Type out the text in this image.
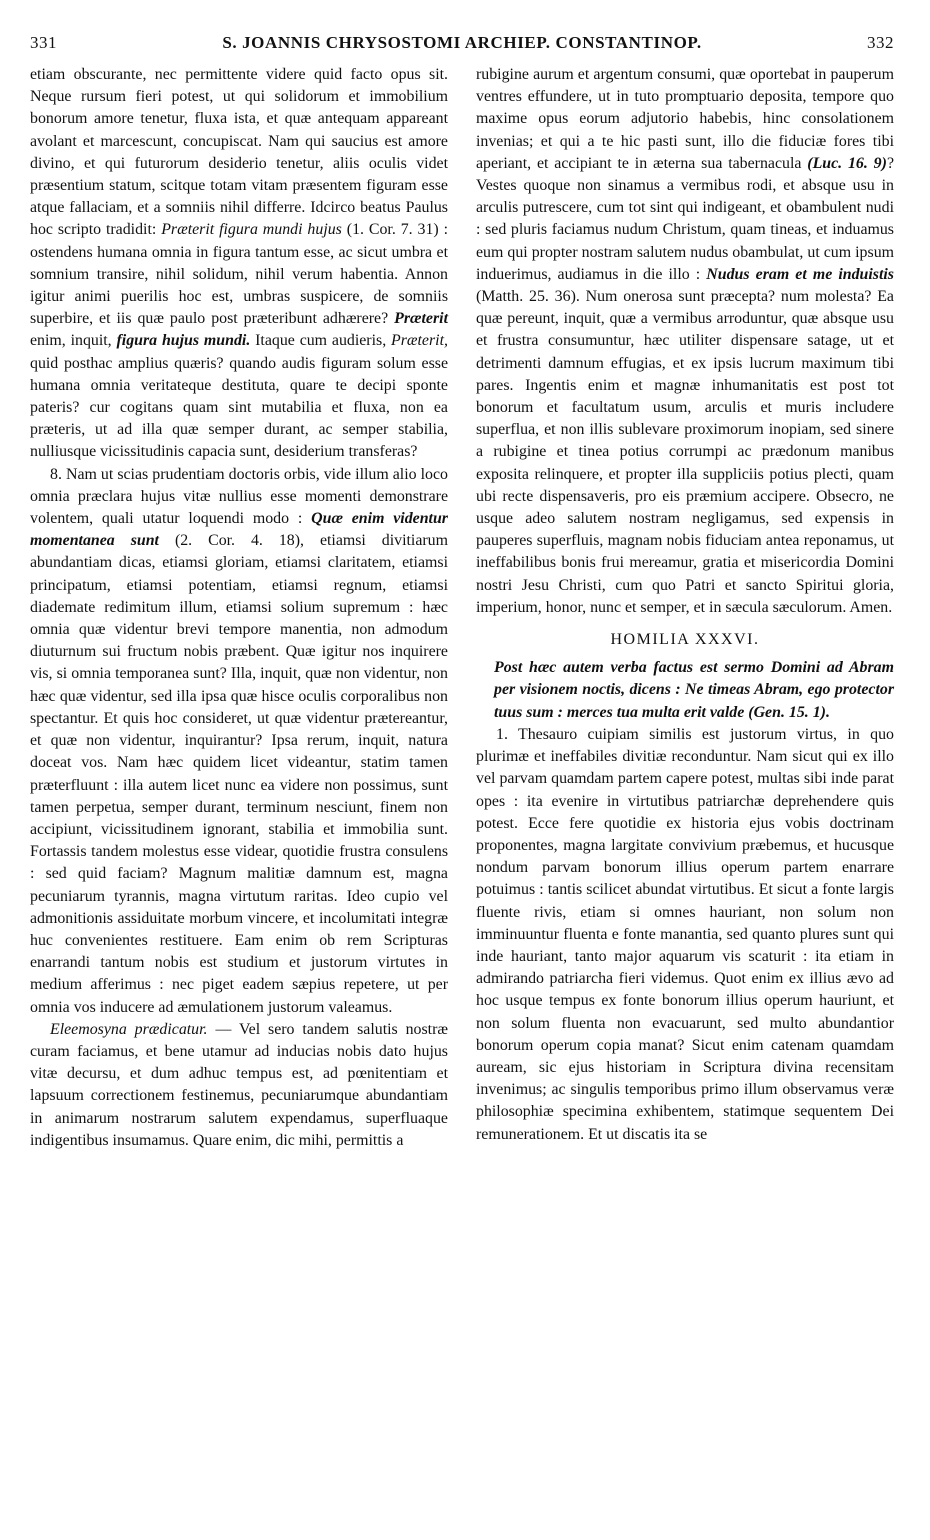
331	S. JOANNIS CHRYSOSTOMI ARCHIEP. CONSTANTINOP.	332

etiam obscurante, nec permittente videre quid facto opus sit. Neque rursum fieri potest, ut qui solidorum et immobilium bonorum amore tenetur, fluxa ista, et quæ antequam appareant avolant et marcescunt, concupiscat. Nam qui saucius est amore divino, et qui futurorum desiderio tenetur, aliis oculis videt præsentium statum, scitque totam vitam præsentem figuram esse atque fallaciam, et a somniis nihil differre. Idcirco beatus Paulus hoc scripto tradidit: Præterit figura mundi hujus (1. Cor. 7. 31) : ostendens humana omnia in figura tantum esse, ac sicut umbra et somnium transire, nihil solidum, nihil verum habentia. Annon igitur animi puerilis hoc est, umbras suspicere, de somniis superbire, et iis quæ paulo post præteribunt adhærere? Præterit enim, inquit, figura hujus mundi. Itaque cum audieris, Præterit, quid posthac amplius quæris? quando audis figuram solum esse humana omnia veritateque destituta, quare te decipi sponte pateris? cur cogitans quam sint mutabilia et fluxa, non ea præteris, ut ad illa quæ semper durant, ac semper stabilia, nulliusque vicissitudinis capacia sunt, desiderium transferas?

8. Nam ut scias prudentiam doctoris orbis, vide illum alio loco omnia præclara hujus vitæ nullius esse momenti demonstrare volentem, quali utatur loquendi modo : Quæ enim videntur momentanea sunt (2. Cor. 4. 18), etiamsi divitiarum abundantiam dicas, etiamsi gloriam, etiamsi claritatem, etiamsi principatum, etiamsi potentiam, etiamsi regnum, etiamsi diademate redimitum illum, etiamsi solium supremum : hæc omnia quæ videntur brevi tempore manentia, non admodum diuturnum sui fructum nobis præbent. Quæ igitur nos inquirere vis, si omnia temporanea sunt? Illa, inquit, quæ non videntur, non hæc quæ videntur, sed illa ipsa quæ hisce oculis corporalibus non spectantur. Et quis hoc consideret, ut quæ videntur prætereantur, et quæ non videntur, inquirantur? Ipsa rerum, inquit, natura doceat vos. Nam hæc quidem licet videantur, statim tamen præterfluunt : illa autem licet nunc ea videre non possimus, sunt tamen perpetua, semper durant, terminum nesciunt, finem non accipiunt, vicissitudinem ignorant, stabilia et immobilia sunt. Fortassis tandem molestus esse videar, quotidie frustra consulens : sed quid faciam? Magnum malitiæ damnum est, magna pecuniarum tyrannis, magna virtutum raritas. Ideo cupio vel admonitionis assiduitate morbum vincere, et incolumitati integræ huc convenientes restituere. Eam enim ob rem Scripturas enarrandi tantum nobis est studium et justorum virtutes in medium afferimus : nec piget eadem sæpius repetere, ut per omnia vos inducere ad æmulationem justorum valeamus.

Eleemosyna prædicatur. — Vel sero tandem salutis nostræ curam faciamus, et bene utamur ad inducias nobis dato hujus vitæ decursu, et dum adhuc tempus est, ad pœnitentiam et lapsuum correctionem festinemus, pecuniarumque abundantiam in animarum nostrarum salutem expendamus, superfluaque indigentibus insumamus. Quare enim, dic mihi, permittis a

rubigine aurum et argentum consumi, quæ oportebat in pauperum ventres effundere, ut in tuto promptuario deposita, tempore quo maxime opus eorum adjutorio habebis, hinc consolationem invenias; et qui a te hic pasti sunt, illo die fiduciæ fores tibi aperiant, et accipiant te in æterna sua tabernacula (Luc. 16. 9)? Vestes quoque non sinamus a vermibus rodi, et absque usu in arculis putrescere, cum tot sint qui indigeant, et obambulent nudi : sed pluris faciamus nudum Christum, quam tineas, et induamus eum qui propter nostram salutem nudus obambulat, ut cum ipsum induerimus, audiamus in die illo : Nudus eram et me induistis (Matth. 25. 36). Num onerosa sunt præcepta? num molesta? Ea quæ pereunt, inquit, quæ a vermibus arroduntur, quæ absque usu et frustra consumuntur, hæc utiliter dispensare satage, ut et detrimenti damnum effugias, et ex ipsis lucrum maximum tibi pares. Ingentis enim et magnæ inhumanitatis est post tot bonorum et facultatum usum, arculis et muris includere superflua, et non illis sublevare proximorum inopiam, sed sinere a rubigine et tinea potius corrumpi ac prædonum manibus exposita relinquere, et propter illa suppliciis potius plecti, quam ubi recte dispensaveris, pro eis præmium accipere. Obsecro, ne usque adeo salutem nostram negligamus, sed expensis in pauperes superfluis, magnam nobis fiduciam antea reponamus, ut ineffabilibus bonis frui mereamur, gratia et misericordia Domini nostri Jesu Christi, cum quo Patri et sancto Spiritui gloria, imperium, honor, nunc et semper, et in sæcula sæculorum. Amen.

HOMILIA XXXVI.

Post hæc autem verba factus est sermo Domini ad Abram per visionem noctis, dicens : Ne timeas Abram, ego protector tuus sum : merces tua multa erit valde (Gen. 15. 1).

1. Thesauro cuipiam similis est justorum virtus, in quo plurimæ et ineffabiles divitiæ reconduntur. Nam sicut qui ex illo vel parvam quamdam partem capere potest, multas sibi inde parat opes : ita evenire in virtutibus patriarchæ deprehendere quis potest. Ecce fere quotidie ex historia ejus vobis doctrinam proponentes, magna largitate convivium præbemus, et hucusque nondum parvam bonorum illius operum partem enarrare potuimus : tantis scilicet abundat virtutibus. Et sicut a fonte largis fluente rivis, etiam si omnes hauriant, non solum non imminuuntur fluenta e fonte manantia, sed quanto plures sunt qui inde hauriant, tanto major aquarum vis scaturit : ita etiam in admirando patriarcha fieri videmus. Quot enim ex illius ævo ad hoc usque tempus ex fonte bonorum illius operum hauriunt, et non solum fluenta non evacuarunt, sed multo abundantior bonorum operum copia manat? Sicut enim catenam quamdam auream, sic ejus historiam in Scriptura divina recensitam invenimus; ac singulis temporibus primo illum observamus veræ philosophiæ specimina exhibentem, statimque sequentem Dei remunerationem. Et ut discatis ita se
